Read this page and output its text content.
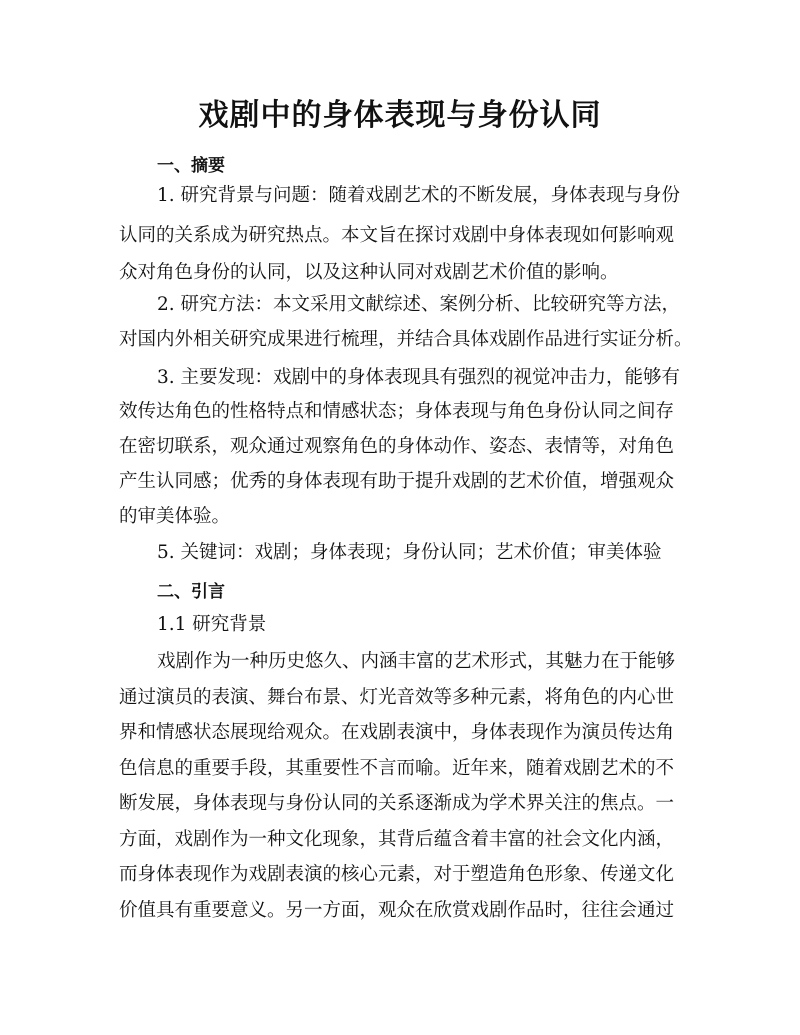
戏剧中的身体表现与身份认同
一、摘要
1. 研究背景与问题：随着戏剧艺术的不断发展，身体表现与身份
认同的关系成为研究热点。本文旨在探讨戏剧中身体表现如何影响观
众对角色身份的认同，以及这种认同对戏剧艺术价值的影响。
2. 研究方法：本文采用文献综述、案例分析、比较研究等方法，
对国内外相关研究成果进行梳理，并结合具体戏剧作品进行实证分析。
3. 主要发现：戏剧中的身体表现具有强烈的视觉冲击力，能够有
效传达角色的性格特点和情感状态；身体表现与角色身份认同之间存
在密切联系，观众通过观察角色的身体动作、姿态、表情等，对角色
产生认同感；优秀的身体表现有助于提升戏剧的艺术价值，增强观众
的审美体验。
5. 关键词：戏剧；身体表现；身份认同；艺术价值；审美体验
二、引言
1.1 研究背景
戏剧作为一种历史悠久、内涵丰富的艺术形式，其魅力在于能够
通过演员的表演、舞台布景、灯光音效等多种元素，将角色的内心世
界和情感状态展现给观众。在戏剧表演中，身体表现作为演员传达角
色信息的重要手段，其重要性不言而喻。近年来，随着戏剧艺术的不
断发展，身体表现与身份认同的关系逐渐成为学术界关注的焦点。一
方面，戏剧作为一种文化现象，其背后蕴含着丰富的社会文化内涵，
而身体表现作为戏剧表演的核心元素，对于塑造角色形象、传递文化
价值具有重要意义。另一方面，观众在欣赏戏剧作品时，往往会通过
